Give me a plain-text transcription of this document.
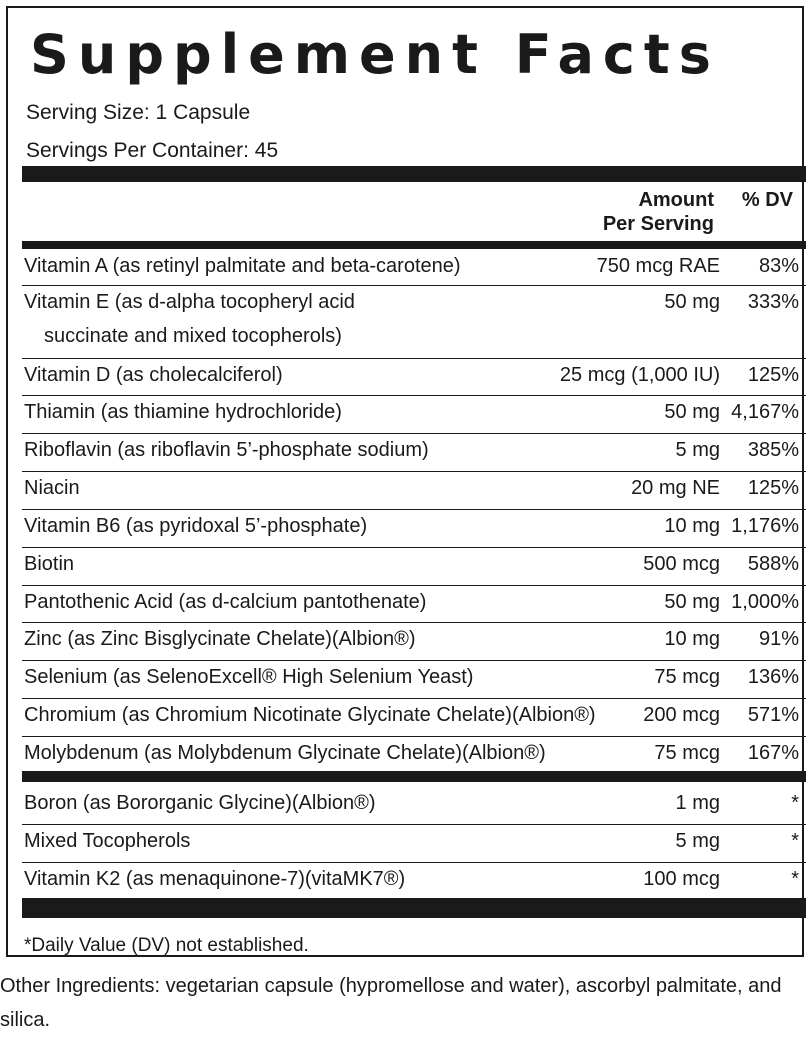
Supplement Facts
Serving Size: 1 Capsule
Servings Per Container: 45
Amount
Per Serving
% DV
Vitamin A (as retinyl palmitate and beta-carotene)	750 mcg RAE 83%
Vitamin E (as d-alpha tocopheryl acid
succinate and mixed tocopherols)
50 mg 333%
Vitamin D (as cholecalciferol)	25 mcg (1,000 IU) 125%
Thiamin (as thiamine hydrochloride)	50 mg 4,167%
Riboflavin (as riboflavin 5’-phosphate sodium)	5 mg 385%
Niacin	20 mg NE 125%
Vitamin B6 (as pyridoxal 5’-phosphate)	10 mg 1,176%
Biotin	500 mcg 588%
Pantothenic Acid (as d-calcium pantothenate)	50 mg 1,000%
Zinc (as Zinc Bisglycinate Chelate)(Albion®)	10 mg 91%
Selenium (as SelenoExcell® High Selenium Yeast)	75 mcg 136%
Chromium (as Chromium Nicotinate Glycinate Chelate)(Albion®) 200 mcg 571%
Molybdenum (as Molybdenum Glycinate Chelate)(Albion®)	75 mcg 167%
Boron (as Bororganic Glycine)(Albion®)	1 mg	*
Mixed Tocopherols	5 mg	*
Vitamin K2 (as menaquinone-7)(vitaMK7®)	100 mcg	*
*Daily Value (DV) not established.
Other Ingredients: vegetarian capsule (hypromellose and water), ascorbyl palmitate, and silica.
